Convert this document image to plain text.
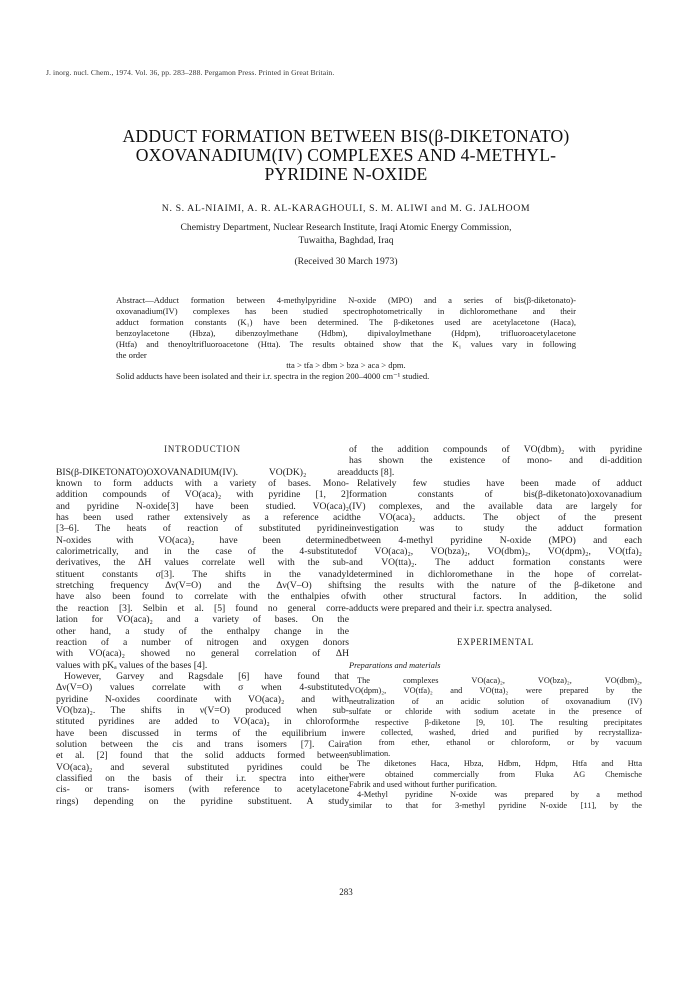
J. inorg. nucl. Chem., 1974. Vol. 36, pp. 283–288. Pergamon Press. Printed in Great Britain.
ADDUCT FORMATION BETWEEN BIS(β-DIKETONATO)
OXOVANADIUM(IV) COMPLEXES AND 4-METHYL-
PYRIDINE N-OXIDE
N. S. AL-NIAIMI, A. R. AL-KARAGHOULI, S. M. ALIWI and M. G. JALHOOM
Chemistry Department, Nuclear Research Institute, Iraqi Atomic Energy Commission,
Tuwaitha, Baghdad, Iraq
(Received 30 March 1973)
Abstract—Adduct formation between 4-methylpyridine N-oxide (MPO) and a series of bis(β-diketonato)-
oxovanadium(IV) complexes has been studied spectrophotometrically in dichloromethane and their
adduct formation constants (K₁) have been determined. The β-diketones used are acetylacetone (Haca),
benzoylacetone (Hbza), dibenzoylmethane (Hdbm), dipivaloylmethane (Hdpm), trifluoroacetylacetone
(Htfa) and thenoyltrifluoroacetone (Htta). The results obtained show that the K₁ values vary in following
the order
tta > tfa > dbm > bza > aca > dpm.
Solid adducts have been isolated and their i.r. spectra in the region 200–4000 cm⁻¹ studied.
INTRODUCTION
BIS(β-DIKETONATO)OXOVANADIUM(IV). VO(DK)₂ are
known to form adducts with a variety of bases. Mono-
addition compounds of VO(aca)₂ with pyridine [1, 2]
and pyridine N-oxide[3] have been studied. VO(aca)₂
has been used rather extensively as a reference acid
[3–6]. The heats of reaction of substituted pyridine
N-oxides with VO(aca)₂ have been determined
calorimetrically, and in the case of the 4-substituted
derivatives, the ΔH values correlate well with the sub-
stituent constants σ[3]. The shifts in the vanadyl
stretching frequency Δν(V=O) and the Δν(V–O) shifts
have also been found to correlate with the enthalpies of
the reaction [3]. Selbin et al. [5] found no general corre-
lation for VO(aca)₂ and a variety of bases. On the
other hand, a study of the enthalpy change in the
reaction of a number of nitrogen and oxygen donors
with VO(aca)₂ showed no general correlation of ΔH
values with pKₐ values of the bases [4].
However, Garvey and Ragsdale [6] have found that
Δν(V=O) values correlate with σ when 4-substituted
pyridine N-oxides coordinate with VO(aca)₂ and with
VO(bza)₂. The shifts in ν(V=O) produced when sub-
stituted pyridines are added to VO(aca)₂ in chloroform
have been discussed in terms of the equilibrium in
solution between the cis and trans isomers [7]. Caira
et al. [2] found that the solid adducts formed between
VO(aca)₂ and several substituted pyridines could be
classified on the basis of their i.r. spectra into either
cis- or trans- isomers (with reference to acetylacetone
rings) depending on the pyridine substituent. A study
of the addition compounds of VO(dbm)₂ with pyridine
has shown the existence of mono- and di-addition
adducts [8].
Relatively few studies have been made of adduct
formation constants of bis(β-diketonato)oxovanadium
(IV) complexes, and the available data are largely for
the VO(aca)₂ adducts. The object of the present
investigation was to study the adduct formation
between 4-methyl pyridine N-oxide (MPO) and each
of VO(aca)₂, VO(bza)₂, VO(dbm)₂, VO(dpm)₂, VO(tfa)₂
and VO(tta)₂. The adduct formation constants were
determined in dichloromethane in the hope of correlat-
ing the results with the nature of the β-diketone and
with other structural factors. In addition, the solid
adducts were prepared and their i.r. spectra analysed.
EXPERIMENTAL
Preparations and materials
The complexes VO(aca)₂, VO(bza)₂, VO(dbm)₂,
VO(dpm)₂, VO(tfa)₂ and VO(tta)₂ were prepared by the
neutralization of an acidic solution of oxovanadium (IV)
sulfate or chloride with sodium acetate in the presence of
the respective β-diketone [9, 10]. The resulting precipitates
were collected, washed, dried and purified by recrystalliza-
tion from ether, ethanol or chloroform, or by vacuum
sublimation.
The diketones Haca, Hbza, Hdbm, Hdpm, Htfa and Htta
were obtained commercially from Fluka AG Chemische
Fabrik and used without further purification.
4-Methyl pyridine N-oxide was prepared by a method
similar to that for 3-methyl pyridine N-oxide [11], by the
283
